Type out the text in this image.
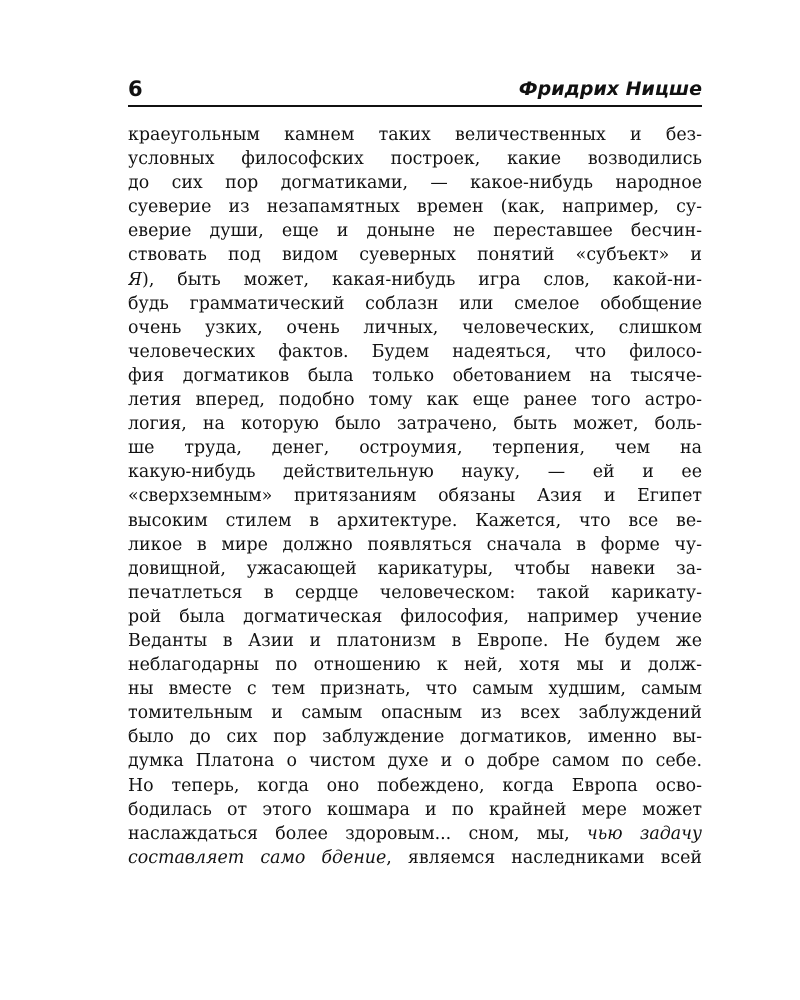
6	Фридрих Ницше
краеугольным камнем таких величественных и без-
условных философских построек, какие возводились
до сих пор догматиками, — какое-нибудь народное
суеверие из незапамятных времен (как, например, су-
еверие души, еще и доныне не переставшее бесчин-
ствовать под видом суеверных понятий «субъект» и
Я), быть может, какая-нибудь игра слов, какой-ни-
будь грамматический соблазн или смелое обобщение
очень узких, очень личных, человеческих, слишком
человеческих фактов. Будем надеяться, что филосо-
фия догматиков была только обетованием на тысяче-
летия вперед, подобно тому как еще ранее того астро-
логия, на которую было затрачено, быть может, боль-
ше труда, денег, остроумия, терпения, чем на
какую-нибудь действительную науку, — ей и ее
«сверхземным» притязаниям обязаны Азия и Египет
высоким стилем в архитектуре. Кажется, что все ве-
ликое в мире должно появляться сначала в форме чу-
довищной, ужасающей карикатуры, чтобы навеки за-
печатлеться в сердце человеческом: такой карикату-
рой была догматическая философия, например учение
Веданты в Азии и платонизм в Европе. Не будем же
неблагодарны по отношению к ней, хотя мы и долж-
ны вместе с тем признать, что самым худшим, самым
томительным и самым опасным из всех заблуждений
было до сих пор заблуждение догматиков, именно вы-
думка Платона о чистом духе и о добре самом по себе.
Но теперь, когда оно побеждено, когда Европа осво-
бодилась от этого кошмара и по крайней мере может
наслаждаться более здоровым... сном, мы, чью задачу
составляет само бдение, являемся наследниками всей
